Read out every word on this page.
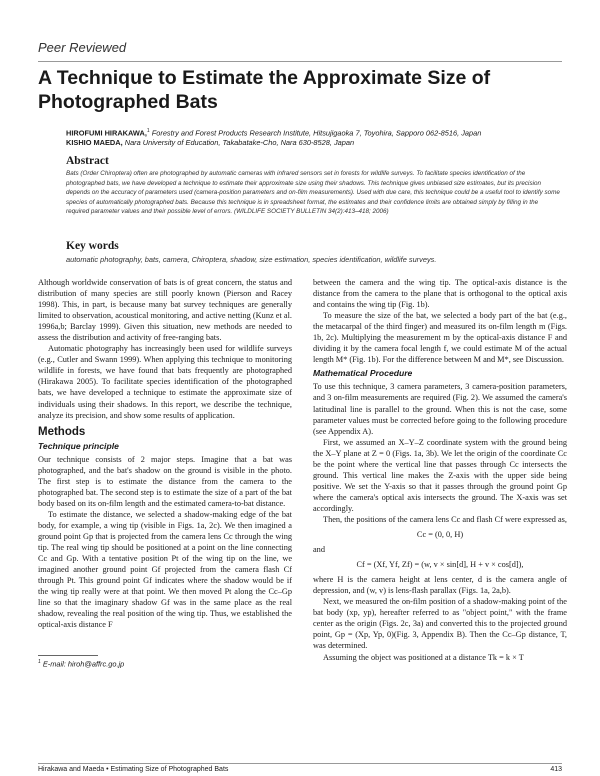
Peer Reviewed
A Technique to Estimate the Approximate Size of Photographed Bats
HIROFUMI HIRAKAWA,$^1$ Forestry and Forest Products Research Institute, Hitsujigaoka 7, Toyohira, Sapporo 062-8516, Japan
KISHIO MAEDA, Nara University of Education, Takabatake-Cho, Nara 630-8528, Japan
Abstract
Bats (Order Chiroptera) often are photographed by automatic cameras with infrared sensors set in forests for wildlife surveys. To facilitate species identification of the photographed bats, we have developed a technique to estimate their approximate size using their shadows. This technique gives unbiased size estimates, but its precision depends on the accuracy of parameters used (camera-position parameters and on-film measurements). Used with due care, this technique could be a useful tool to identify some species of automatically photographed bats. Because this technique is in spreadsheet format, the estimates and their confidence limits are obtained simply by filling in the required parameter values and their possible level of errors. (WILDLIFE SOCIETY BULLETIN 34(2):413–418; 2006)
Key words
automatic photography, bats, camera, Chiroptera, shadow, size estimation, species identification, wildlife surveys.

Although worldwide conservation of bats is of great concern, the status and distribution of many species are still poorly known (Pierson and Racey 1998). This, in part, is because many bat survey techniques are generally limited to observation, acoustical monitoring, and active netting (Kunz et al. 1996a,b; Barclay 1999). Given this situation, new methods are needed to assess the distribution and activity of free-ranging bats.

Automatic photography has increasingly been used for wildlife surveys (e.g., Cutler and Swann 1999). When applying this technique to monitoring wildlife in forests, we have found that bats frequently are photographed (Hirakawa 2005). To facilitate species identification of the photographed bats, we have developed a technique to estimate the approximate size of individuals using their shadows. In this report, we describe the technique, analyze its precision, and show some results of application.

Methods
Technique principle

Our technique consists of 2 major steps. Imagine that a bat was photographed, and the bat's shadow on the ground is visible in the photo. The first step is to estimate the distance from the camera to the photographed bat. The second step is to estimate the size of a part of the bat body based on its on-film length and the estimated camera-to-bat distance.

To estimate the distance, we selected a shadow-making edge of the bat body, for example, a wing tip (visible in Figs. 1a, 2c). We then imagined a ground point Gp that is projected from the camera lens Cc through the wing tip. The real wing tip should be positioned at a point on the line connecting Cc and Gp. With a tentative position Pt of the wing tip on the line, we imagined another ground point Gf projected from the camera flash Cf through Pt. This ground point Gf indicates where the shadow would be if the wing tip really were at that point. We then moved Pt along the Cc–Gp line so that the imaginary shadow Gf was in the same place as the real shadow, revealing the real position of the wing tip. Thus, we established the optical-axis distance F

between the camera and the wing tip. The optical-axis distance is the distance from the camera to the plane that is orthogonal to the optical axis and contains the wing tip (Fig. 1b).

To measure the size of the bat, we selected a body part of the bat (e.g., the metacarpal of the third finger) and measured its on-film length m (Figs. 1b, 2c). Multiplying the measurement m by the optical-axis distance F and dividing it by the camera focal length f, we could estimate M of the actual length M* (Fig. 1b). For the difference between M and M*, see Discussion.

Mathematical Procedure

To use this technique, 3 camera parameters, 3 camera-position parameters, and 3 on-film measurements are required (Fig. 2). We assumed the camera's latitudinal line is parallel to the ground. When this is not the case, some parameter values must be corrected before going to the following procedure (see Appendix A).

First, we assumed an X–Y–Z coordinate system with the ground being the X–Y plane at Z = 0 (Figs. 1a, 3b). We let the origin of the coordinate Cc be the point where the vertical line that passes through Cc intersects the ground. This vertical line makes the Z-axis with the upper side being positive. We set the Y-axis so that it passes through the ground point Gp where the camera's optical axis intersects the ground. The X-axis was set accordingly.

Then, the positions of the camera lens Cc and flash Cf were expressed as,

Cc = (0, 0, H)

and

Cf = (Xf, Yf, Zf) = (w, v × sin[d], H + v × cos[d]),

where H is the camera height at lens center, d is the camera angle of depression, and (w, v) is lens-flash parallax (Figs. 1a, 2a,b).

Next, we measured the on-film position of a shadow-making point of the bat body (xp, yp), hereafter referred to as "object point," with the frame center as the origin (Figs. 2c, 3a) and converted this to the projected ground point, Gp = (Xp, Yp, 0)(Fig. 3, Appendix B). Then the Cc–Gp distance, T, was determined.

Assuming the object was positioned at a distance Tk = k × T

$^1$ E-mail: hiroh@affrc.go.jp
Hirakawa and Maeda • Estimating Size of Photographed Bats	413
